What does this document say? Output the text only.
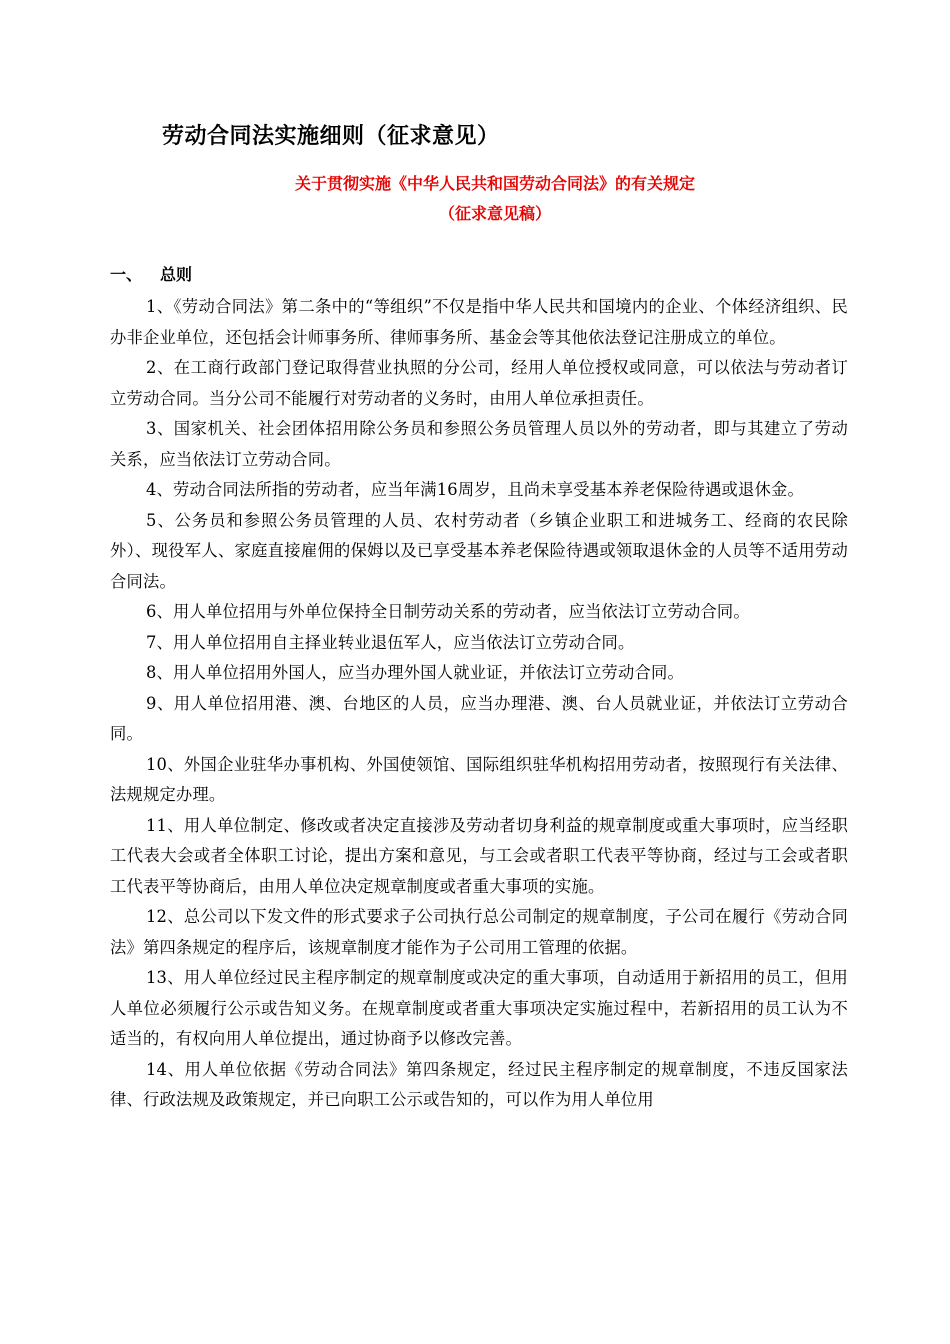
劳动合同法实施细则（征求意见）
关于贯彻实施《中华人民共和国劳动合同法》的有关规定
（征求意见稿）
一、 总则

1、《劳动合同法》第二条中的“等组织”不仅是指中华人民共和国境内的企业、个体经济组织、民办非企业单位，还包括会计师事务所、律师事务所、基金会等其他依法登记注册成立的单位。

2、在工商行政部门登记取得营业执照的分公司，经用人单位授权或同意，可以依法与劳动者订立劳动合同。当分公司不能履行对劳动者的义务时，由用人单位承担责任。

3、国家机关、社会团体招用除公务员和参照公务员管理人员以外的劳动者，即与其建立了劳动关系，应当依法订立劳动合同。

4、劳动合同法所指的劳动者，应当年满16周岁，且尚未享受基本养老保险待遇或退休金。

5、公务员和参照公务员管理的人员、农村劳动者（乡镇企业职工和进城务工、经商的农民除外）、现役军人、家庭直接雇佣的保姆以及已享受基本养老保险待遇或领取退休金的人员等不适用劳动合同法。

6、用人单位招用与外单位保持全日制劳动关系的劳动者，应当依法订立劳动合同。

7、用人单位招用自主择业转业退伍军人，应当依法订立劳动合同。

8、用人单位招用外国人，应当办理外国人就业证，并依法订立劳动合同。

9、用人单位招用港、澳、台地区的人员，应当办理港、澳、台人员就业证，并依法订立劳动合同。

10、外国企业驻华办事机构、外国使领馆、国际组织驻华机构招用劳动者，按照现行有关法律、法规规定办理。

11、用人单位制定、修改或者决定直接涉及劳动者切身利益的规章制度或重大事项时，应当经职工代表大会或者全体职工讨论，提出方案和意见，与工会或者职工代表平等协商，经过与工会或者职工代表平等协商后，由用人单位决定规章制度或者重大事项的实施。

12、总公司以下发文件的形式要求子公司执行总公司制定的规章制度，子公司在履行《劳动合同法》第四条规定的程序后，该规章制度才能作为子公司用工管理的依据。

13、用人单位经过民主程序制定的规章制度或决定的重大事项，自动适用于新招用的员工，但用人单位必须履行公示或告知义务。在规章制度或者重大事项决定实施过程中，若新招用的员工认为不适当的，有权向用人单位提出，通过协商予以修改完善。

14、用人单位依据《劳动合同法》第四条规定，经过民主程序制定的规章制度，不违反国家法律、行政法规及政策规定，并已向职工公示或告知的，可以作为用人单位用
